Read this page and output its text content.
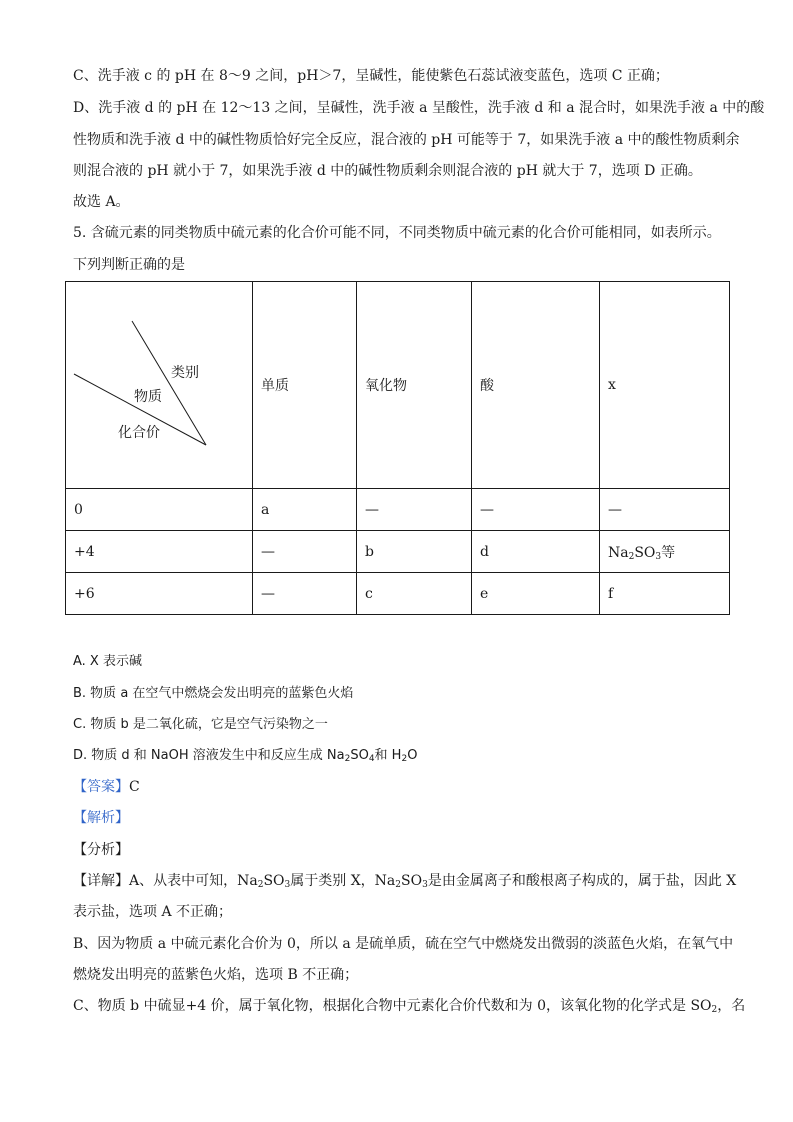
C、洗手液 c 的 pH 在 8～9 之间，pH＞7，呈碱性，能使紫色石蕊试液变蓝色，选项 C 正确；
D、洗手液 d 的 pH 在 12～13 之间，呈碱性，洗手液 a 呈酸性，洗手液 d 和 a 混合时，如果洗手液 a 中的酸
性物质和洗手液 d 中的碱性物质恰好完全反应，混合液的 pH 可能等于 7，如果洗手液 a 中的酸性物质剩余
则混合液的 pH 就小于 7，如果洗手液 d 中的碱性物质剩余则混合液的 pH 就大于 7，选项 D 正确。
故选 A。
5. 含硫元素的同类物质中硫元素的化合价可能不同，不同类物质中硫元素的化合价可能相同，如表所示。
下列判断正确的是
类别
物质
化合价	单质	氧化物	酸	x
0	a	—	—	—
+4	—	b	d	$Na_2SO_3$等
+6	—	c	e	f
A. X 表示碱
B. 物质 a 在空气中燃烧会发出明亮的蓝紫色火焰
C. 物质 b 是二氧化硫，它是空气污染物之一
D. 物质 d 和 NaOH 溶液发生中和反应生成 $Na_2SO_4$和 $H_2O$
【答案】C
【解析】
【分析】
【详解】A、从表中可知，$Na_2SO_3$属于类别 X，$Na_2SO_3$是由金属离子和酸根离子构成的，属于盐，因此 X
表示盐，选项 A 不正确；
B、因为物质 a 中硫元素化合价为 0，所以 a 是硫单质，硫在空气中燃烧发出微弱的淡蓝色火焰，在氧气中
燃烧发出明亮的蓝紫色火焰，选项 B 不正确；
C、物质 b 中硫显+4 价，属于氧化物，根据化合物中元素化合价代数和为 0，该氧化物的化学式是 $SO_2$，名
